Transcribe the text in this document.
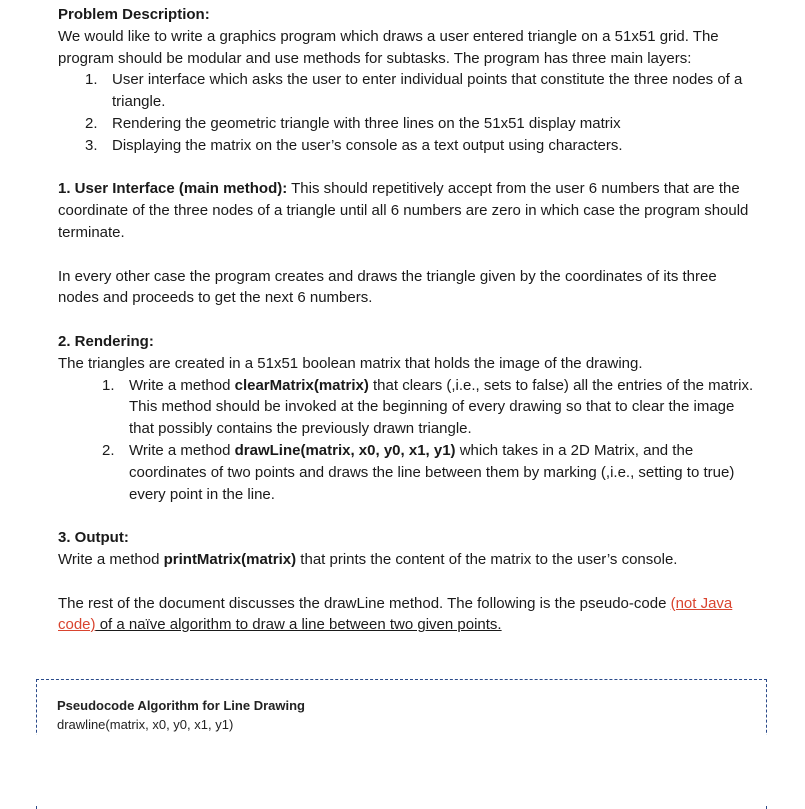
Problem Description:

We would like to write a graphics program which draws a user entered triangle on a 51x51 grid. The program should be modular and use methods for subtasks. The program has three main layers:

1. User interface which asks the user to enter individual points that constitute the three nodes of a triangle.
2. Rendering the geometric triangle with three lines on the 51x51 display matrix
3. Displaying the matrix on the user’s console as a text output using characters.

1. User Interface (main method): This should repetitively accept from the user 6 numbers that are the coordinate of the three nodes of a triangle until all 6 numbers are zero in which case the program should terminate.

In every other case the program creates and draws the triangle given by the coordinates of its three nodes and proceeds to get the next 6 numbers.

2. Rendering:

The triangles are created in a 51x51 boolean matrix that holds the image of the drawing.

1. Write a method clearMatrix(matrix) that clears (,i.e., sets to false) all the entries of the matrix. This method should be invoked at the beginning of every drawing so that to clear the image that possibly contains the previously drawn triangle.
2. Write a method drawLine(matrix, x0, y0, x1, y1) which takes in a 2D Matrix, and the coordinates of two points and draws the line between them by marking (,i.e., setting to true) every point in the line.

3. Output:

Write a method printMatrix(matrix) that prints the content of the matrix to the user’s console.

The rest of the document discusses the drawLine method. The following is the pseudo-code (not Java code) of a naïve algorithm to draw a line between two given points.

Pseudocode Algorithm for Line Drawing
drawline(matrix, x0, y0, x1, y1)
